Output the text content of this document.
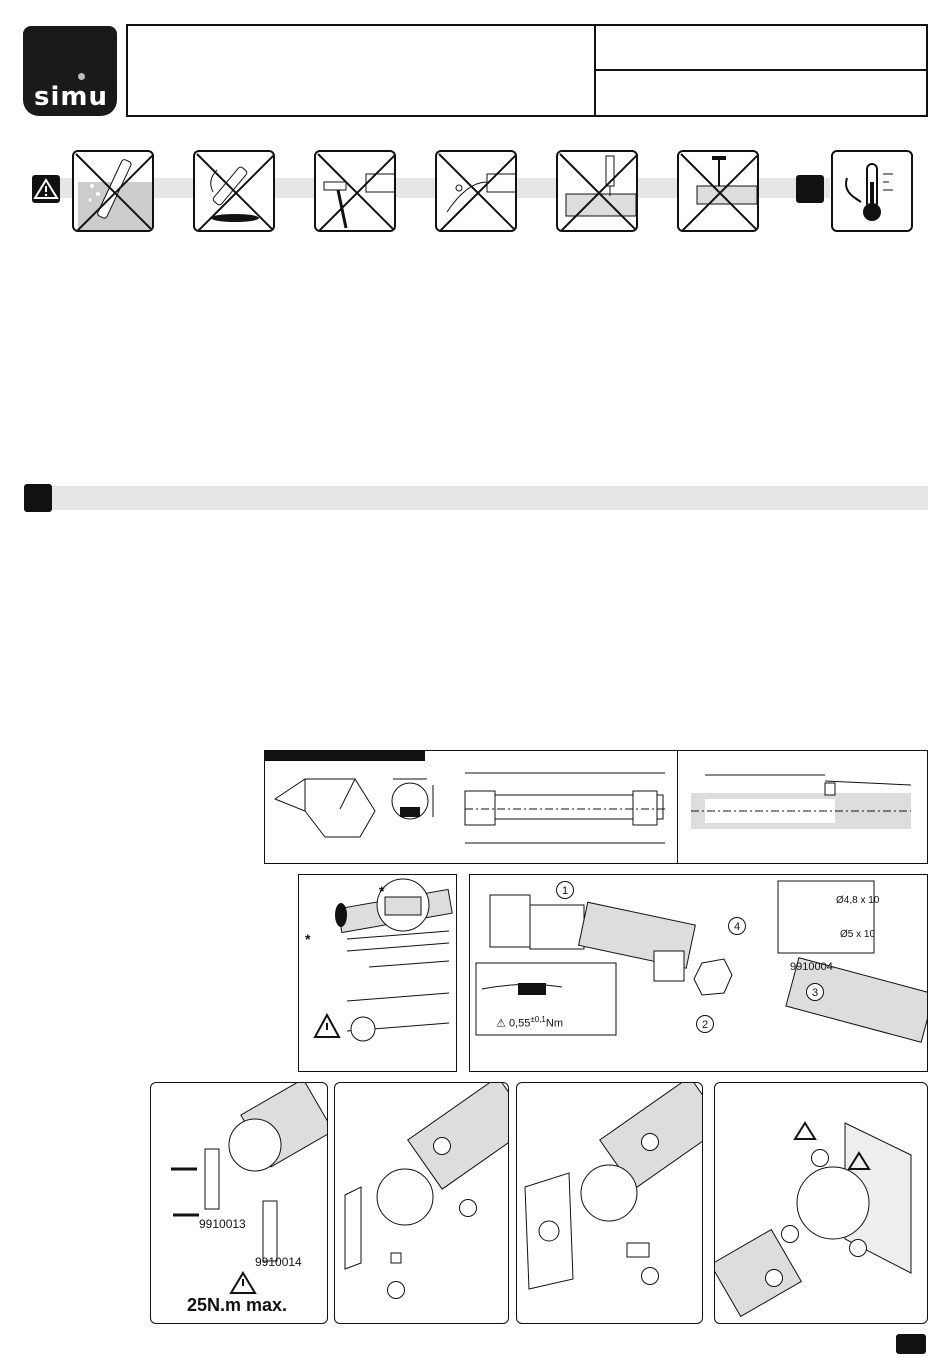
simu
*
*
1
2
3
4
Ø4,8 x 10
Ø5 x 10
9910004
⚠ $0,55^{\pm 0,1}Nm$
9910013
9910014
25N.m max.
